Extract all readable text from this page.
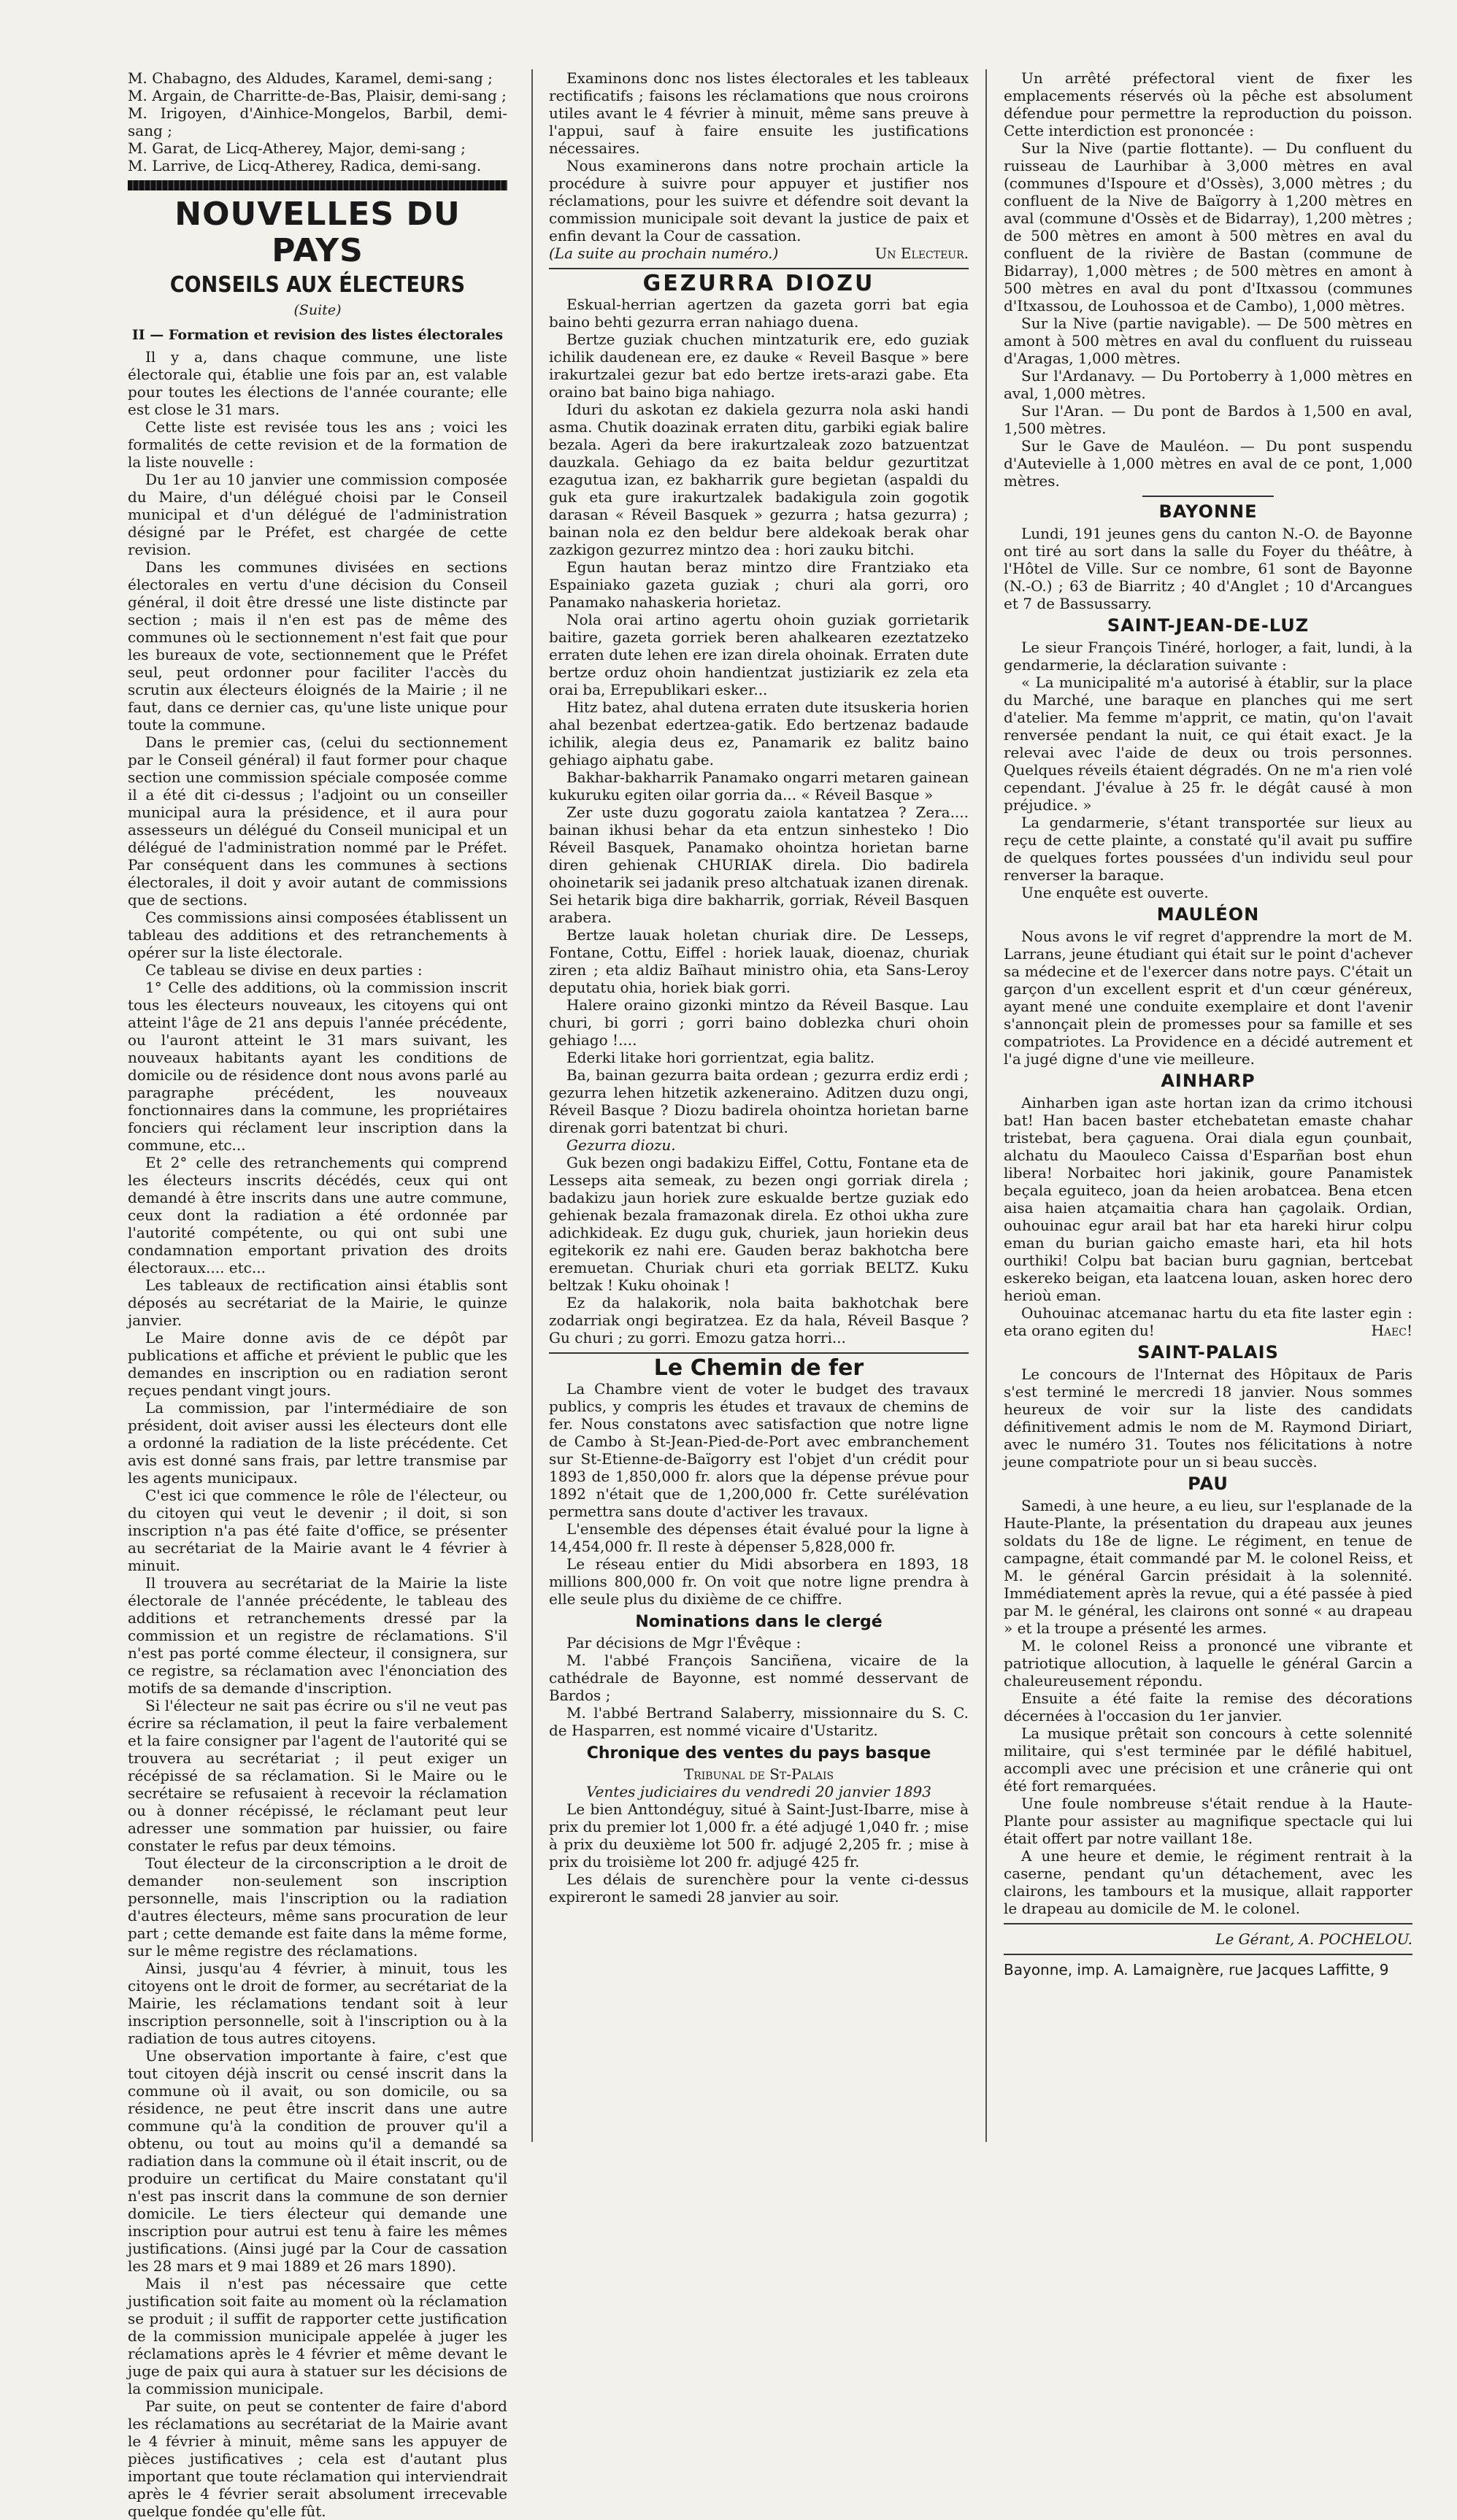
M. Chabagno, des Aldudes, Karamel, demi-sang ;

M. Argain, de Charritte-de-Bas, Plaisir, demi-sang ;

M. Irigoyen, d'Ainhice-Mongelos, Barbil, demi-sang ;

M. Garat, de Licq-Atherey, Major, demi-sang ;

M. Larrive, de Licq-Atherey, Radica, demi-sang.

NOUVELLES DU PAYS
CONSEILS AUX ÉLECTEURS
(Suite)
II — Formation et revision des listes électorales

Il y a, dans chaque commune, une liste électorale qui, établie une fois par an, est valable pour toutes les élections de l'année courante; elle est close le 31 mars.

Cette liste est revisée tous les ans ; voici les formalités de cette revision et de la formation de la liste nouvelle :

Du 1er au 10 janvier une commission composée du Maire, d'un délégué choisi par le Conseil municipal et d'un délégué de l'administration désigné par le Préfet, est chargée de cette revision.

Dans les communes divisées en sections électorales en vertu d'une décision du Conseil général, il doit être dressé une liste distincte par section ; mais il n'en est pas de même des communes où le sectionnement n'est fait que pour les bureaux de vote, sectionnement que le Préfet seul, peut ordonner pour faciliter l'accès du scrutin aux électeurs éloignés de la Mairie ; il ne faut, dans ce dernier cas, qu'une liste unique pour toute la commune.

Dans le premier cas, (celui du sectionnement par le Conseil général) il faut former pour chaque section une commission spéciale composée comme il a été dit ci-dessus ; l'adjoint ou un conseiller municipal aura la présidence, et il aura pour assesseurs un délégué du Conseil municipal et un délégué de l'administration nommé par le Préfet. Par conséquent dans les communes à sections électorales, il doit y avoir autant de commissions que de sections.

Ces commissions ainsi composées établissent un tableau des additions et des retranchements à opérer sur la liste électorale.

Ce tableau se divise en deux parties :

1° Celle des additions, où la commission inscrit tous les électeurs nouveaux, les citoyens qui ont atteint l'âge de 21 ans depuis l'année précédente, ou l'auront atteint le 31 mars suivant, les nouveaux habitants ayant les conditions de domicile ou de résidence dont nous avons parlé au paragraphe précédent, les nouveaux fonctionnaires dans la commune, les propriétaires fonciers qui réclament leur inscription dans la commune, etc...

Et 2° celle des retranchements qui comprend les électeurs inscrits décédés, ceux qui ont demandé à être inscrits dans une autre commune, ceux dont la radiation a été ordonnée par l'autorité compétente, ou qui ont subi une condamnation emportant privation des droits électoraux.... etc...

Les tableaux de rectification ainsi établis sont déposés au secrétariat de la Mairie, le quinze janvier.

Le Maire donne avis de ce dépôt par publications et affiche et prévient le public que les demandes en inscription ou en radiation seront reçues pendant vingt jours.

La commission, par l'intermédiaire de son président, doit aviser aussi les électeurs dont elle a ordonné la radiation de la liste précédente. Cet avis est donné sans frais, par lettre transmise par les agents municipaux.

C'est ici que commence le rôle de l'électeur, ou du citoyen qui veut le devenir ; il doit, si son inscription n'a pas été faite d'office, se présenter au secrétariat de la Mairie avant le 4 février à minuit.

Il trouvera au secrétariat de la Mairie la liste électorale de l'année précédente, le tableau des additions et retranchements dressé par la commission et un registre de réclamations. S'il n'est pas porté comme électeur, il consignera, sur ce registre, sa réclamation avec l'énonciation des motifs de sa demande d'inscription.

Si l'électeur ne sait pas écrire ou s'il ne veut pas écrire sa réclamation, il peut la faire verbalement et la faire consigner par l'agent de l'autorité qui se trouvera au secrétariat ; il peut exiger un récépissé de sa réclamation. Si le Maire ou le secrétaire se refusaient à recevoir la réclamation ou à donner récépissé, le réclamant peut leur adresser une sommation par huissier, ou faire constater le refus par deux témoins.

Tout électeur de la circonscription a le droit de demander non-seulement son inscription personnelle, mais l'inscription ou la radiation d'autres électeurs, même sans procuration de leur part ; cette demande est faite dans la même forme, sur le même registre des réclamations.

Ainsi, jusqu'au 4 février, à minuit, tous les citoyens ont le droit de former, au secrétariat de la Mairie, les réclamations tendant soit à leur inscription personnelle, soit à l'inscription ou à la radiation de tous autres citoyens.

Une observation importante à faire, c'est que tout citoyen déjà inscrit ou censé inscrit dans la commune où il avait, ou son domicile, ou sa résidence, ne peut être inscrit dans une autre commune qu'à la condition de prouver qu'il a obtenu, ou tout au moins qu'il a demandé sa radiation dans la commune où il était inscrit, ou de produire un certificat du Maire constatant qu'il n'est pas inscrit dans la commune de son dernier domicile. Le tiers électeur qui demande une inscription pour autrui est tenu à faire les mêmes justifications. (Ainsi jugé par la Cour de cassation les 28 mars et 9 mai 1889 et 26 mars 1890).

Mais il n'est pas nécessaire que cette justification soit faite au moment où la réclamation se produit ; il suffit de rapporter cette justification de la commission municipale appelée à juger les réclamations après le 4 février et même devant le juge de paix qui aura à statuer sur les décisions de la commission municipale.

Par suite, on peut se contenter de faire d'abord les réclamations au secrétariat de la Mairie avant le 4 février à minuit, même sans les appuyer de pièces justificatives ; cela est d'autant plus important que toute réclamation qui interviendrait après le 4 février serait absolument irrecevable quelque fondée qu'elle fût.

Examinons donc nos listes électorales et les tableaux rectificatifs ; faisons les réclamations que nous croirons utiles avant le 4 février à minuit, même sans preuve à l'appui, sauf à faire ensuite les justifications nécessaires.

Nous examinerons dans notre prochain article la procédure à suivre pour appuyer et justifier nos réclamations, pour les suivre et défendre soit devant la commission municipale soit devant la justice de paix et enfin devant la Cour de cassation.

(La suite au prochain numéro.)	Un Electeur.
GEZURRA DIOZU

Eskual-herrian agertzen da gazeta gorri bat egia baino behti gezurra erran nahiago duena.

Bertze guziak chuchen mintzaturik ere, edo guziak ichilik daudenean ere, ez dauke « Reveil Basque » bere irakurtzalei gezur bat edo bertze irets-arazi gabe. Eta oraino bat baino biga nahiago.

Iduri du askotan ez dakiela gezurra nola aski handi asma. Chutik doazinak erraten ditu, garbiki egiak balire bezala. Ageri da bere irakurtzaleak zozo batzuentzat dauzkala. Gehiago da ez baita beldur gezurtitzat ezagutua izan, ez bakharrik gure begietan (aspaldi du guk eta gure irakurtzalek badakigula zoin gogotik darasan « Réveil Basquek » gezurra ; hatsa gezurra) ; bainan nola ez den beldur bere aldekoak berak ohar zazkigon gezurrez mintzo dea : hori zauku bitchi.

Egun hautan beraz mintzo dire Frantziako eta Espainiako gazeta guziak ; churi ala gorri, oro Panamako nahaskeria horietaz.

Nola orai artino agertu ohoin guziak gorrietarik baitire, gazeta gorriek beren ahalkearen ezeztatzeko erraten dute lehen ere izan direla ohoinak. Erraten dute bertze orduz ohoin handientzat justiziarik ez zela eta orai ba, Errepublikari esker...

Hitz batez, ahal dutena erraten dute itsuskeria horien ahal bezenbat edertzea-gatik. Edo bertzenaz badaude ichilik, alegia deus ez, Panamarik ez balitz baino gehiago aiphatu gabe.

Bakhar-bakharrik Panamako ongarri metaren gainean kukuruku egiten oilar gorria da... « Réveil Basque »

Zer uste duzu gogoratu zaiola kantatzea ? Zera.... bainan ikhusi behar da eta entzun sinhesteko ! Dio Réveil Basquek, Panamako ohointza horietan barne diren gehienak CHURIAK direla. Dio badirela ohoinetarik sei jadanik preso altchatuak izanen direnak. Sei hetarik biga dire bakharrik, gorriak, Réveil Basquen arabera.

Bertze lauak holetan churiak dire. De Lesseps, Fontane, Cottu, Eiffel : horiek lauak, dioenaz, churiak ziren ; eta aldiz Baïhaut ministro ohia, eta Sans-Leroy deputatu ohia, horiek biak gorri.

Halere oraino gizonki mintzo da Réveil Basque. Lau churi, bi gorri ; gorri baino doblezka churi ohoin gehiago !....

Ederki litake hori gorrientzat, egia balitz.

Ba, bainan gezurra baita ordean ; gezurra erdiz erdi ; gezurra lehen hitzetik azkeneraino. Aditzen duzu ongi, Réveil Basque ? Diozu badirela ohointza horietan barne direnak gorri batentzat bi churi.

Gezurra diozu.

Guk bezen ongi badakizu Eiffel, Cottu, Fontane eta de Lesseps aita semeak, zu bezen ongi gorriak direla ; badakizu jaun horiek zure eskualde bertze guziak edo gehienak bezala framazonak direla. Ez othoi ukha zure adichkideak. Ez dugu guk, churiek, jaun horiekin deus egitekorik ez nahi ere. Gauden beraz bakhotcha bere eremuetan. Churiak churi eta gorriak BELTZ. Kuku beltzak ! Kuku ohoinak !

Ez da halakorik, nola baita bakhotchak bere zodarriak ongi begiratzea. Ez da hala, Réveil Basque ? Gu churi ; zu gorri. Emozu gatza horri...

Le Chemin de fer

La Chambre vient de voter le budget des travaux publics, y compris les études et travaux de chemins de fer. Nous constatons avec satisfaction que notre ligne de Cambo à St-Jean-Pied-de-Port avec embranchement sur St-Etienne-de-Baïgorry est l'objet d'un crédit pour 1893 de 1,850,000 fr. alors que la dépense prévue pour 1892 n'était que de 1,200,000 fr. Cette surélévation permettra sans doute d'activer les travaux.

L'ensemble des dépenses était évalué pour la ligne à 14,454,000 fr. Il reste à dépenser 5,828,000 fr.

Le réseau entier du Midi absorbera en 1893, 18 millions 800,000 fr. On voit que notre ligne prendra à elle seule plus du dixième de ce chiffre.

Nominations dans le clergé

Par décisions de Mgr l'Évêque :

M. l'abbé François Sanciñena, vicaire de la cathédrale de Bayonne, est nommé desservant de Bardos ;

M. l'abbé Bertrand Salaberry, missionnaire du S. C. de Hasparren, est nommé vicaire d'Ustaritz.

Chronique des ventes du pays basque
Tribunal de St-Palais
Ventes judiciaires du vendredi 20 janvier 1893

Le bien Anttondéguy, situé à Saint-Just-Ibarre, mise à prix du premier lot 1,000 fr. a été adjugé 1,040 fr. ; mise à prix du deuxième lot 500 fr. adjugé 2,205 fr. ; mise à prix du troisième lot 200 fr. adjugé 425 fr.

Les délais de surenchère pour la vente ci-dessus expireront le samedi 28 janvier au soir.

Un arrêté préfectoral vient de fixer les emplacements réservés où la pêche est absolument défendue pour permettre la reproduction du poisson. Cette interdiction est prononcée :

Sur la Nive (partie flottante). — Du confluent du ruisseau de Laurhibar à 3,000 mètres en aval (communes d'Ispoure et d'Ossès), 3,000 mètres ; du confluent de la Nive de Baïgorry à 1,200 mètres en aval (commune d'Ossès et de Bidarray), 1,200 mètres ; de 500 mètres en amont à 500 mètres en aval du confluent de la rivière de Bastan (commune de Bidarray), 1,000 mètres ; de 500 mètres en amont à 500 mètres en aval du pont d'Itxassou (communes d'Itxassou, de Louhossoa et de Cambo), 1,000 mètres.

Sur la Nive (partie navigable). — De 500 mètres en amont à 500 mètres en aval du confluent du ruisseau d'Aragas, 1,000 mètres.

Sur l'Ardanavy. — Du Portoberry à 1,000 mètres en aval, 1,000 mètres.

Sur l'Aran. — Du pont de Bardos à 1,500 en aval, 1,500 mètres.

Sur le Gave de Mauléon. — Du pont suspendu d'Autevielle à 1,000 mètres en aval de ce pont, 1,000 mètres.

BAYONNE

Lundi, 191 jeunes gens du canton N.-O. de Bayonne ont tiré au sort dans la salle du Foyer du théâtre, à l'Hôtel de Ville. Sur ce nombre, 61 sont de Bayonne (N.-O.) ; 63 de Biarritz ; 40 d'Anglet ; 10 d'Arcangues et 7 de Bassussarry.

SAINT-JEAN-DE-LUZ

Le sieur François Tinéré, horloger, a fait, lundi, à la gendarmerie, la déclaration suivante :

« La municipalité m'a autorisé à établir, sur la place du Marché, une baraque en planches qui me sert d'atelier. Ma femme m'apprit, ce matin, qu'on l'avait renversée pendant la nuit, ce qui était exact. Je la relevai avec l'aide de deux ou trois personnes. Quelques réveils étaient dégradés. On ne m'a rien volé cependant. J'évalue à 25 fr. le dégât causé à mon préjudice. »

La gendarmerie, s'étant transportée sur lieux au reçu de cette plainte, a constaté qu'il avait pu suffire de quelques fortes poussées d'un individu seul pour renverser la baraque.

Une enquête est ouverte.

MAULÉON

Nous avons le vif regret d'apprendre la mort de M. Larrans, jeune étudiant qui était sur le point d'achever sa médecine et de l'exercer dans notre pays. C'était un garçon d'un excellent esprit et d'un cœur généreux, ayant mené une conduite exemplaire et dont l'avenir s'annonçait plein de promesses pour sa famille et ses compatriotes. La Providence en a décidé autrement et l'a jugé digne d'une vie meilleure.

AINHARP

Ainharben igan aste hortan izan da crimo itchousi bat! Han bacen baster etchebatetan emaste chahar tristebat, bera çaguena. Orai diala egun çounbait, alchatu du Maouleco Caissa d'Esparñan bost ehun libera! Norbaitec hori jakinik, goure Panamistek beçala eguiteco, joan da heien arobatcea. Bena etcen aisa haien atçamaitia chara han çagolaik. Ordian, ouhouinac egur arail bat har eta hareki hirur colpu eman du burian gaicho emaste hari, eta hil hots ourthiki! Colpu bat bacian buru gagnian, bertcebat eskereko beigan, eta laatcena louan, asken horec dero herioù eman.

Ouhouinac atcemanac hartu du eta fite laster egin : eta orano egiten du!	Haec!

SAINT-PALAIS

Le concours de l'Internat des Hôpitaux de Paris s'est terminé le mercredi 18 janvier. Nous sommes heureux de voir sur la liste des candidats définitivement admis le nom de M. Raymond Diriart, avec le numéro 31. Toutes nos félicitations à notre jeune compatriote pour un si beau succès.

PAU

Samedi, à une heure, a eu lieu, sur l'esplanade de la Haute-Plante, la présentation du drapeau aux jeunes soldats du 18e de ligne. Le régiment, en tenue de campagne, était commandé par M. le colonel Reiss, et M. le général Garcin présidait à la solennité. Immédiatement après la revue, qui a été passée à pied par M. le général, les clairons ont sonné « au drapeau » et la troupe a présenté les armes.

M. le colonel Reiss a prononcé une vibrante et patriotique allocution, à laquelle le général Garcin a chaleureusement répondu.

Ensuite a été faite la remise des décorations décernées à l'occasion du 1er janvier.

La musique prêtait son concours à cette solennité militaire, qui s'est terminée par le défilé habituel, accompli avec une précision et une crânerie qui ont été fort remarquées.

Une foule nombreuse s'était rendue à la Haute-Plante pour assister au magnifique spectacle qui lui était offert par notre vaillant 18e.

A une heure et demie, le régiment rentrait à la caserne, pendant qu'un détachement, avec les clairons, les tambours et la musique, allait rapporter le drapeau au domicile de M. le colonel.

Le Gérant, A. POCHELOU.
Bayonne, imp. A. Lamaignère, rue Jacques Laffitte, 9
